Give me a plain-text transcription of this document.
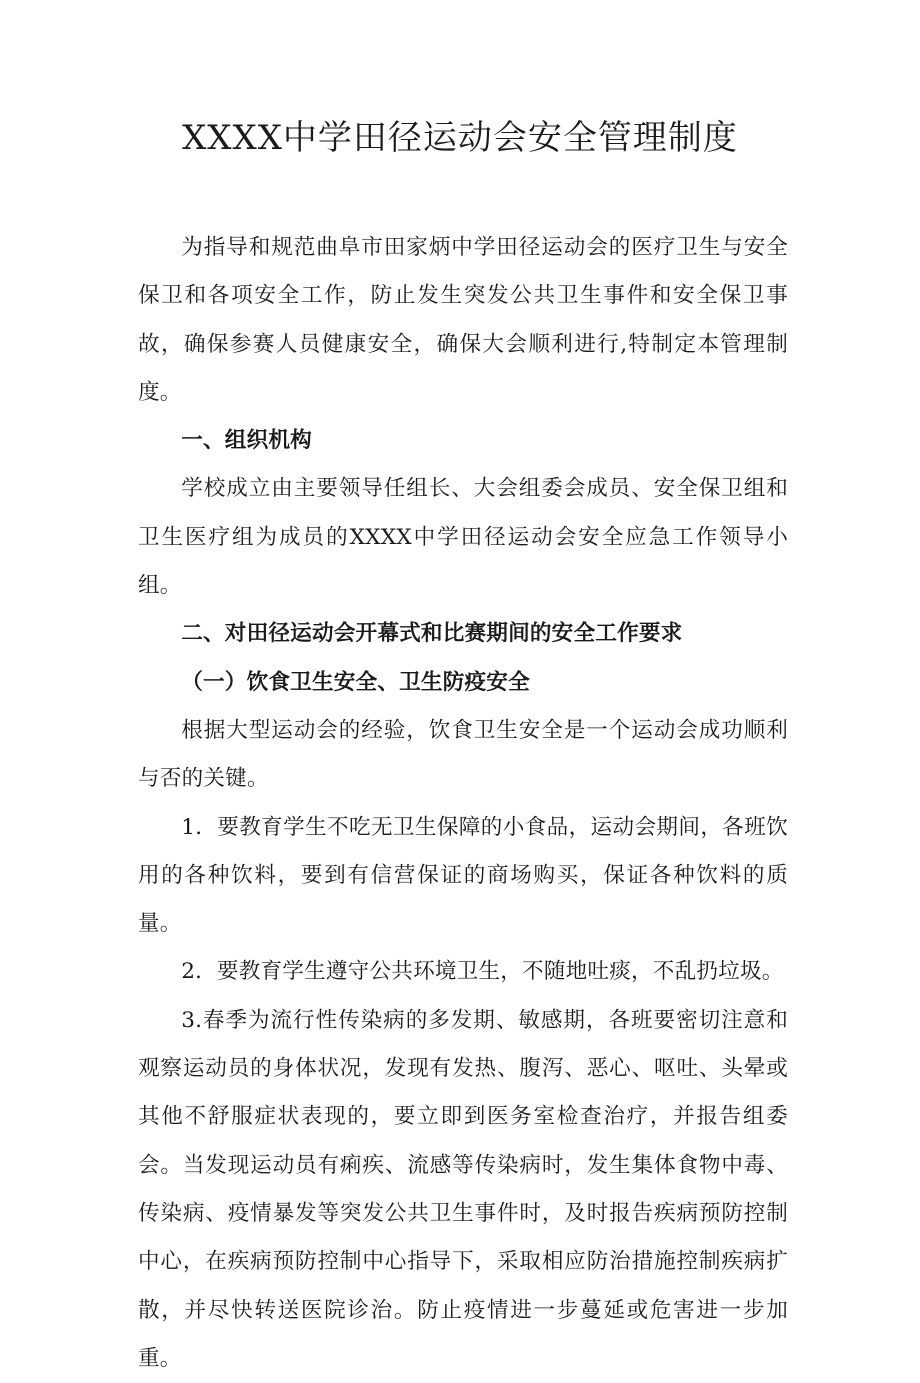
XXXX中学田径运动会安全管理制度

为指导和规范曲阜市田家炳中学田径运动会的医疗卫生与安全保卫和各项安全工作，防止发生突发公共卫生事件和安全保卫事故，确保参赛人员健康安全，确保大会顺利进行,特制定本管理制度。

一、组织机构

学校成立由主要领导任组长、大会组委会成员、安全保卫组和卫生医疗组为成员的XXXX中学田径运动会安全应急工作领导小组。

二、对田径运动会开幕式和比赛期间的安全工作要求

（一）饮食卫生安全、卫生防疫安全

根据大型运动会的经验，饮食卫生安全是一个运动会成功顺利与否的关键。

1．要教育学生不吃无卫生保障的小食品，运动会期间，各班饮用的各种饮料，要到有信营保证的商场购买，保证各种饮料的质量。

2．要教育学生遵守公共环境卫生，不随地吐痰，不乱扔垃圾。

3.春季为流行性传染病的多发期、敏感期，各班要密切注意和观察运动员的身体状况，发现有发热、腹泻、恶心、呕吐、头晕或其他不舒服症状表现的，要立即到医务室检查治疗，并报告组委会。当发现运动员有痢疾、流感等传染病时，发生集体食物中毒、传染病、疫情暴发等突发公共卫生事件时，及时报告疾病预防控制中心，在疾病预防控制中心指导下，采取相应防治措施控制疾病扩散，并尽快转送医院诊治。防止疫情进一步蔓延或危害进一步加重。
